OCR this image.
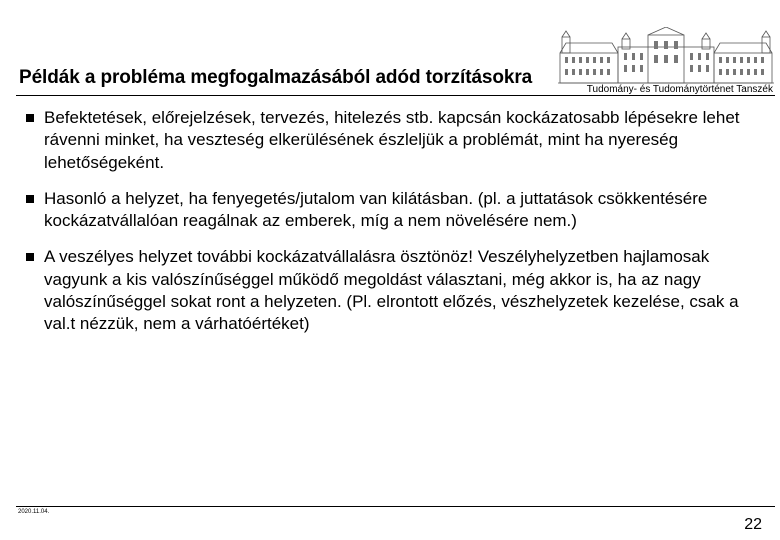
Tudomány- és Tudománytörténet Tanszék
Példák a probléma megfogalmazásából adód torzításokra
Befektetések, előrejelzések, tervezés, hitelezés stb. kapcsán kockázatosabb lépésekre lehet rávenni minket, ha veszteség elkerülésének észleljük a problémát, mint ha nyereség lehetőségeként.
Hasonló a helyzet, ha fenyegetés/jutalom van kilátásban. (pl. a juttatások csökkentésére kockázatvállalóan reagálnak az emberek, míg a nem növelésére nem.)
A veszélyes helyzet további kockázatvállalásra ösztönöz! Veszélyhelyzetben hajlamosak vagyunk a kis valószínűséggel működő megoldást választani, még akkor is, ha az nagy valószínűséggel sokat ront a helyzeten. (Pl. elrontott előzés, vészhelyzetek kezelése, csak a val.t nézzük, nem a várhatóértéket)
2020.11.04.
22
